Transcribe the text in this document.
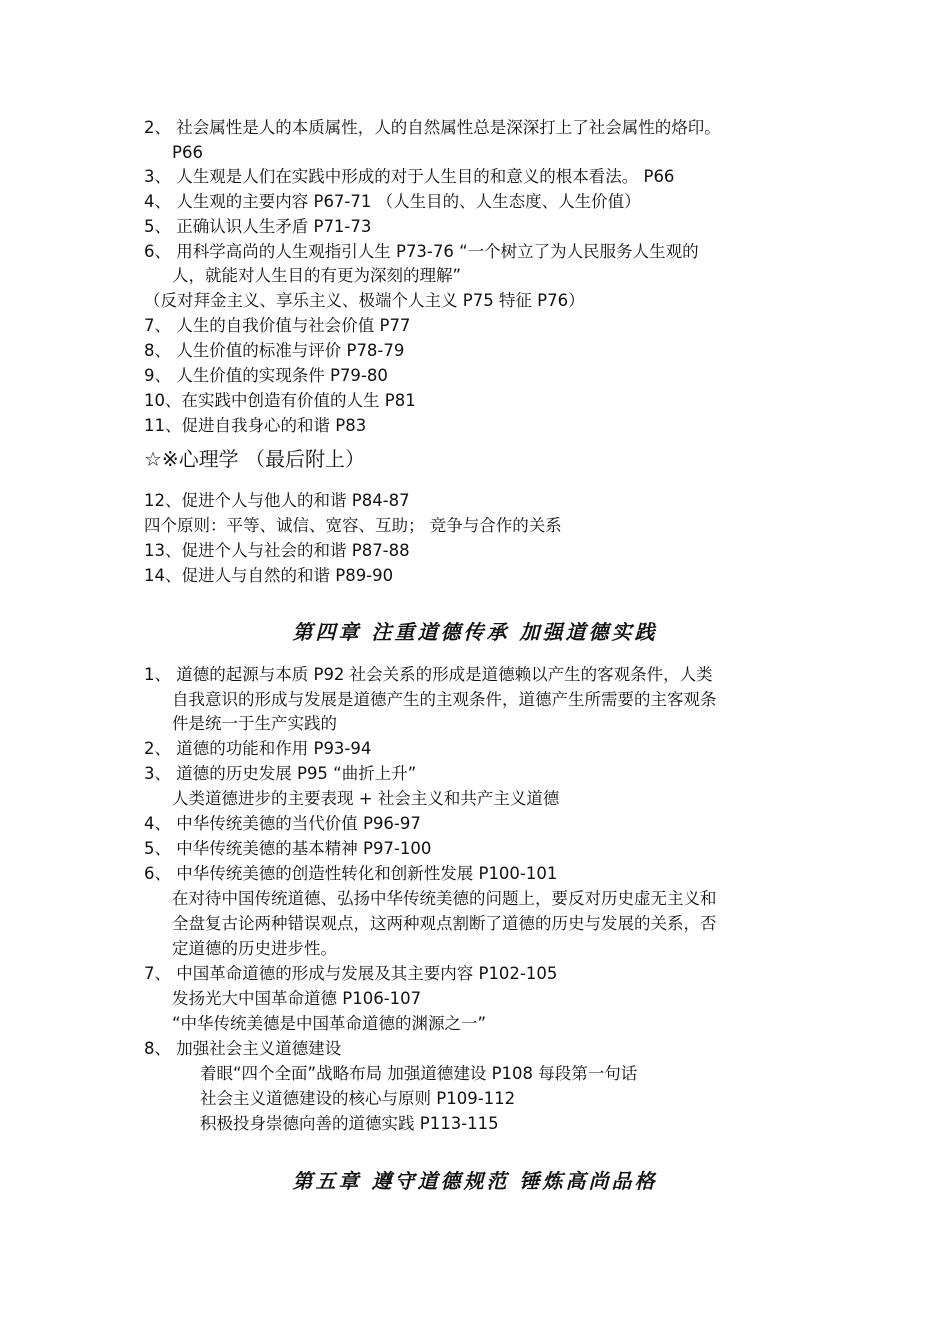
2、 社会属性是人的本质属性，人的自然属性总是深深打上了社会属性的烙印。
P66
3、 人生观是人们在实践中形成的对于人生目的和意义的根本看法。 P66
4、 人生观的主要内容 P67-71 （人生目的、人生态度、人生价值）
5、 正确认识人生矛盾 P71-73
6、 用科学高尚的人生观指引人生 P73-76 “一个树立了为人民服务人生观的
人，就能对人生目的有更为深刻的理解”
（反对拜金主义、享乐主义、极端个人主义 P75 特征 P76）
7、 人生的自我价值与社会价值 P77
8、 人生价值的标准与评价 P78-79
9、 人生价值的实现条件 P79-80
10、在实践中创造有价值的人生 P81
11、促进自我身心的和谐 P83
☆※心理学 （最后附上）
12、促进个人与他人的和谐 P84-87
四个原则：平等、诚信、宽容、互助； 竞争与合作的关系
13、促进个人与社会的和谐 P87-88
14、促进人与自然的和谐 P89-90
第四章 注重道德传承 加强道德实践
1、 道德的起源与本质 P92 社会关系的形成是道德赖以产生的客观条件，人类
自我意识的形成与发展是道德产生的主观条件，道德产生所需要的主客观条
件是统一于生产实践的
2、 道德的功能和作用 P93-94
3、 道德的历史发展 P95 “曲折上升”
人类道德进步的主要表现 + 社会主义和共产主义道德
4、 中华传统美德的当代价值 P96-97
5、 中华传统美德的基本精神 P97-100
6、 中华传统美德的创造性转化和创新性发展 P100-101
在对待中国传统道德、弘扬中华传统美德的问题上，要反对历史虚无主义和
全盘复古论两种错误观点，这两种观点割断了道德的历史与发展的关系，否
定道德的历史进步性。
7、 中国革命道德的形成与发展及其主要内容 P102-105
发扬光大中国革命道德 P106-107
“中华传统美德是中国革命道德的渊源之一”
8、 加强社会主义道德建设
着眼“四个全面”战略布局 加强道德建设 P108 每段第一句话
社会主义道德建设的核心与原则 P109-112
积极投身崇德向善的道德实践 P113-115
第五章 遵守道德规范 锤炼高尚品格
